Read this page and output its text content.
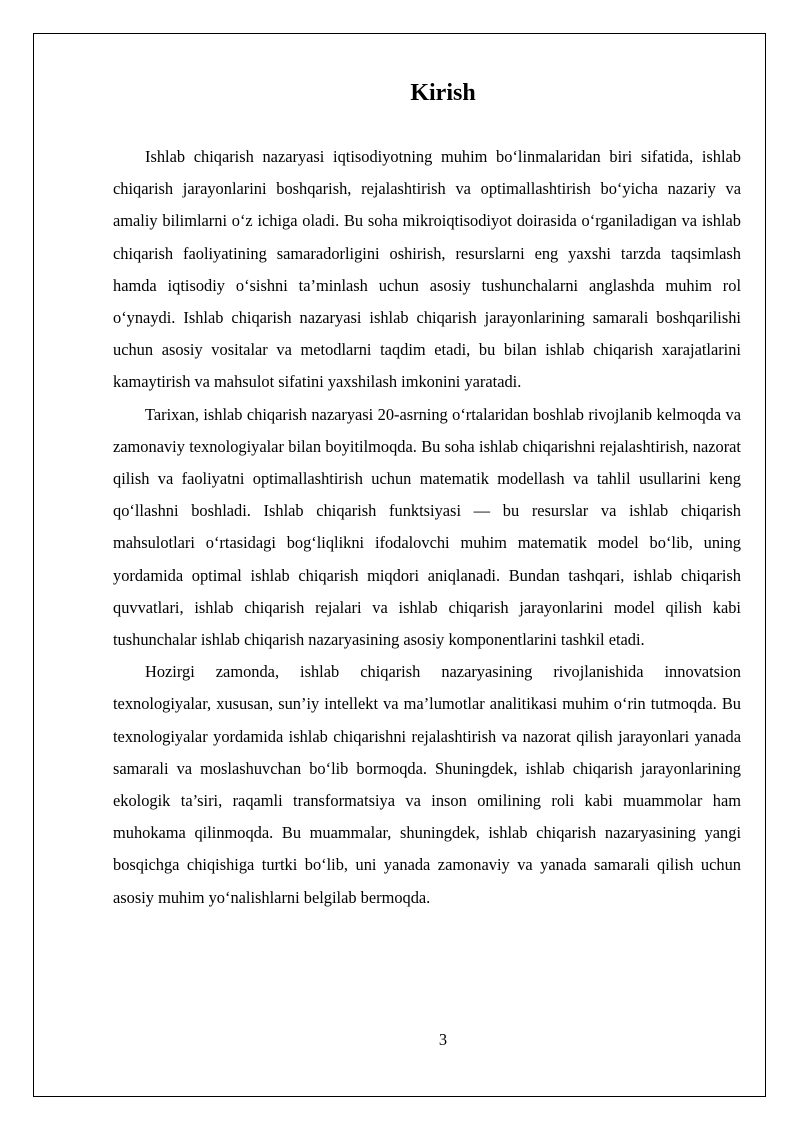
Kirish

Ishlab chiqarish nazaryasi iqtisodiyotning muhim bo‘linmalaridan biri sifatida, ishlab chiqarish jarayonlarini boshqarish, rejalashtirish va optimallashtirish bo‘yicha nazariy va amaliy bilimlarni o‘z ichiga oladi. Bu soha mikroiqtisodiyot doirasida o‘rganiladigan va ishlab chiqarish faoliyatining samaradorligini oshirish, resurslarni eng yaxshi tarzda taqsimlash hamda iqtisodiy o‘sishni ta’minlash uchun asosiy tushunchalarni anglashda muhim rol o‘ynaydi. Ishlab chiqarish nazaryasi ishlab chiqarish jarayonlarining samarali boshqarilishi uchun asosiy vositalar va metodlarni taqdim etadi, bu bilan ishlab chiqarish xarajatlarini kamaytirish va mahsulot sifatini yaxshilash imkonini yaratadi.

Tarixan, ishlab chiqarish nazaryasi 20-asrning o‘rtalaridan boshlab rivojlanib kelmoqda va zamonaviy texnologiyalar bilan boyitilmoqda. Bu soha ishlab chiqarishni rejalashtirish, nazorat qilish va faoliyatni optimallashtirish uchun matematik modellash va tahlil usullarini keng qo‘llashni boshladi. Ishlab chiqarish funktsiyasi — bu resurslar va ishlab chiqarish mahsulotlari o‘rtasidagi bog‘liqlikni ifodalovchi muhim matematik model bo‘lib, uning yordamida optimal ishlab chiqarish miqdori aniqlanadi. Bundan tashqari, ishlab chiqarish quvvatlari, ishlab chiqarish rejalari va ishlab chiqarish jarayonlarini model qilish kabi tushunchalar ishlab chiqarish nazaryasining asosiy komponentlarini tashkil etadi.

Hozirgi zamonda, ishlab chiqarish nazaryasining rivojlanishida innovatsion texnologiyalar, xususan, sun’iy intellekt va ma’lumotlar analitikasi muhim o‘rin tutmoqda. Bu texnologiyalar yordamida ishlab chiqarishni rejalashtirish va nazorat qilish jarayonlari yanada samarali va moslashuvchan bo‘lib bormoqda. Shuningdek, ishlab chiqarish jarayonlarining ekologik ta’siri, raqamli transformatsiya va inson omilining roli kabi muammolar ham muhokama qilinmoqda. Bu muammalar, shuningdek, ishlab chiqarish nazaryasining yangi bosqichga chiqishiga turtki bo‘lib, uni yanada zamonaviy va yanada samarali qilish uchun asosiy muhim yo‘nalishlarni belgilab bermoqda.

3
